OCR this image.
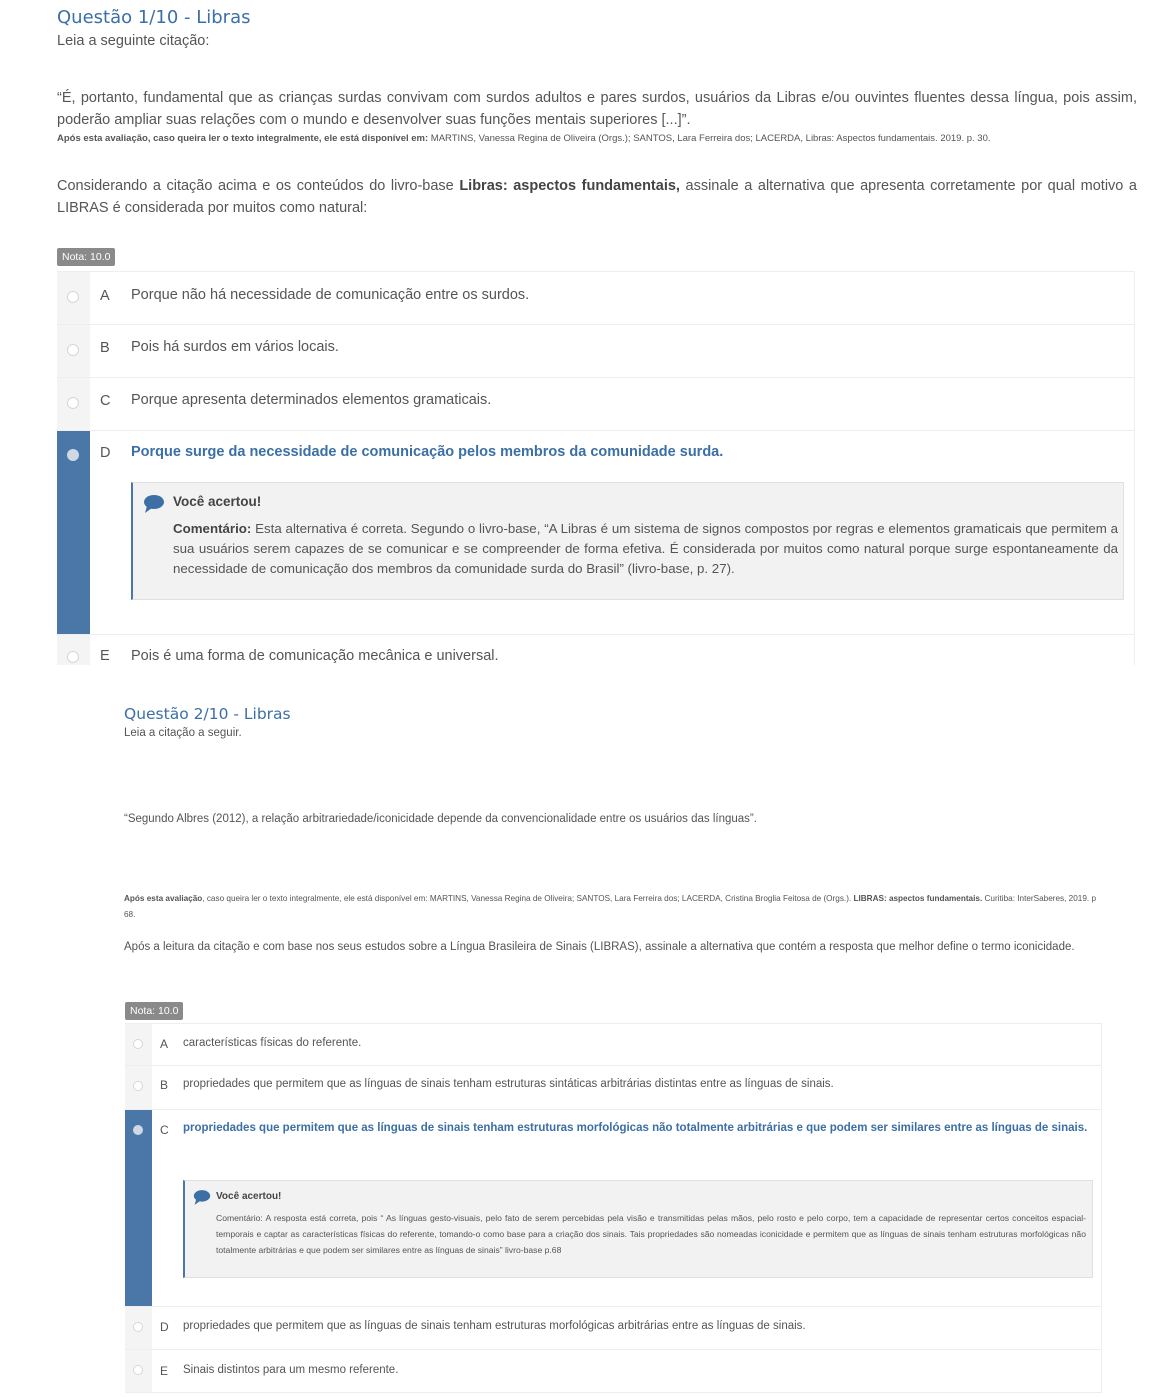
Questão 1/10 - Libras
Leia a seguinte citação:
“É, portanto, fundamental que as crianças surdas convivam com surdos adultos e pares surdos, usuários da Libras e/ou ouvintes fluentes dessa língua, pois assim, poderão ampliar suas relações com o mundo e desenvolver suas funções mentais superiores [...]”.
Após esta avaliação, caso queira ler o texto integralmente, ele está disponível em: MARTINS, Vanessa Regina de Oliveira (Orgs.); SANTOS, Lara Ferreira dos; LACERDA, Libras: Aspectos fundamentais. 2019. p. 30.
Considerando a citação acima e os conteúdos do livro-base Libras: aspectos fundamentais, assinale a alternativa que apresenta corretamente por qual motivo a LIBRAS é considerada por muitos como natural:
Nota: 10.0
A Porque não há necessidade de comunicação entre os surdos.
B Pois há surdos em vários locais.
C Porque apresenta determinados elementos gramaticais.
D Porque surge da necessidade de comunicação pelos membros da comunidade surda.
Você acertou!
Comentário: Esta alternativa é correta. Segundo o livro-base, “A Libras é um sistema de signos compostos por regras e elementos gramaticais que permitem a sua usuários serem capazes de se comunicar e se compreender de forma efetiva. É considerada por muitos como natural porque surge espontaneamente da necessidade de comunicação dos membros da comunidade surda do Brasil” (livro-base, p. 27).
E Pois é uma forma de comunicação mecânica e universal.
Questão 2/10 - Libras
Leia a citação a seguir.
“Segundo Albres (2012), a relação arbitrariedade/iconicidade depende da convencionalidade entre os usuários das línguas”.
Após esta avaliação, caso queira ler o texto integralmente, ele está disponível em: MARTINS, Vanessa Regina de Oliveira; SANTOS, Lara Ferreira dos; LACERDA, Cristina Broglia Feitosa de (Orgs.). LIBRAS: aspectos fundamentais. Curitiba: InterSaberes, 2019. p 68.
Após a leitura da citação e com base nos seus estudos sobre a Língua Brasileira de Sinais (LIBRAS), assinale a alternativa que contém a resposta que melhor define o termo iconicidade.
Nota: 10.0
A características físicas do referente.
B propriedades que permitem que as línguas de sinais tenham estruturas sintáticas arbitrárias distintas entre as línguas de sinais.
C propriedades que permitem que as línguas de sinais tenham estruturas morfológicas não totalmente arbitrárias e que podem ser similares entre as línguas de sinais.
Você acertou!
Comentário: A resposta está correta, pois “ As línguas gesto-visuais, pelo fato de serem percebidas pela visão e transmitidas pelas mãos, pelo rosto e pelo corpo, tem a capacidade de representar certos conceitos espacial-temporais e captar as características físicas do referente, tomando-o como base para a criação dos sinais. Tais propriedades são nomeadas iconicidade e permitem que as línguas de sinais tenham estruturas morfológicas não totalmente arbitrárias e que podem ser similares entre as línguas de sinais” livro-base p.68
D propriedades que permitem que as línguas de sinais tenham estruturas morfológicas arbitrárias entre as línguas de sinais.
E Sinais distintos para um mesmo referente.
